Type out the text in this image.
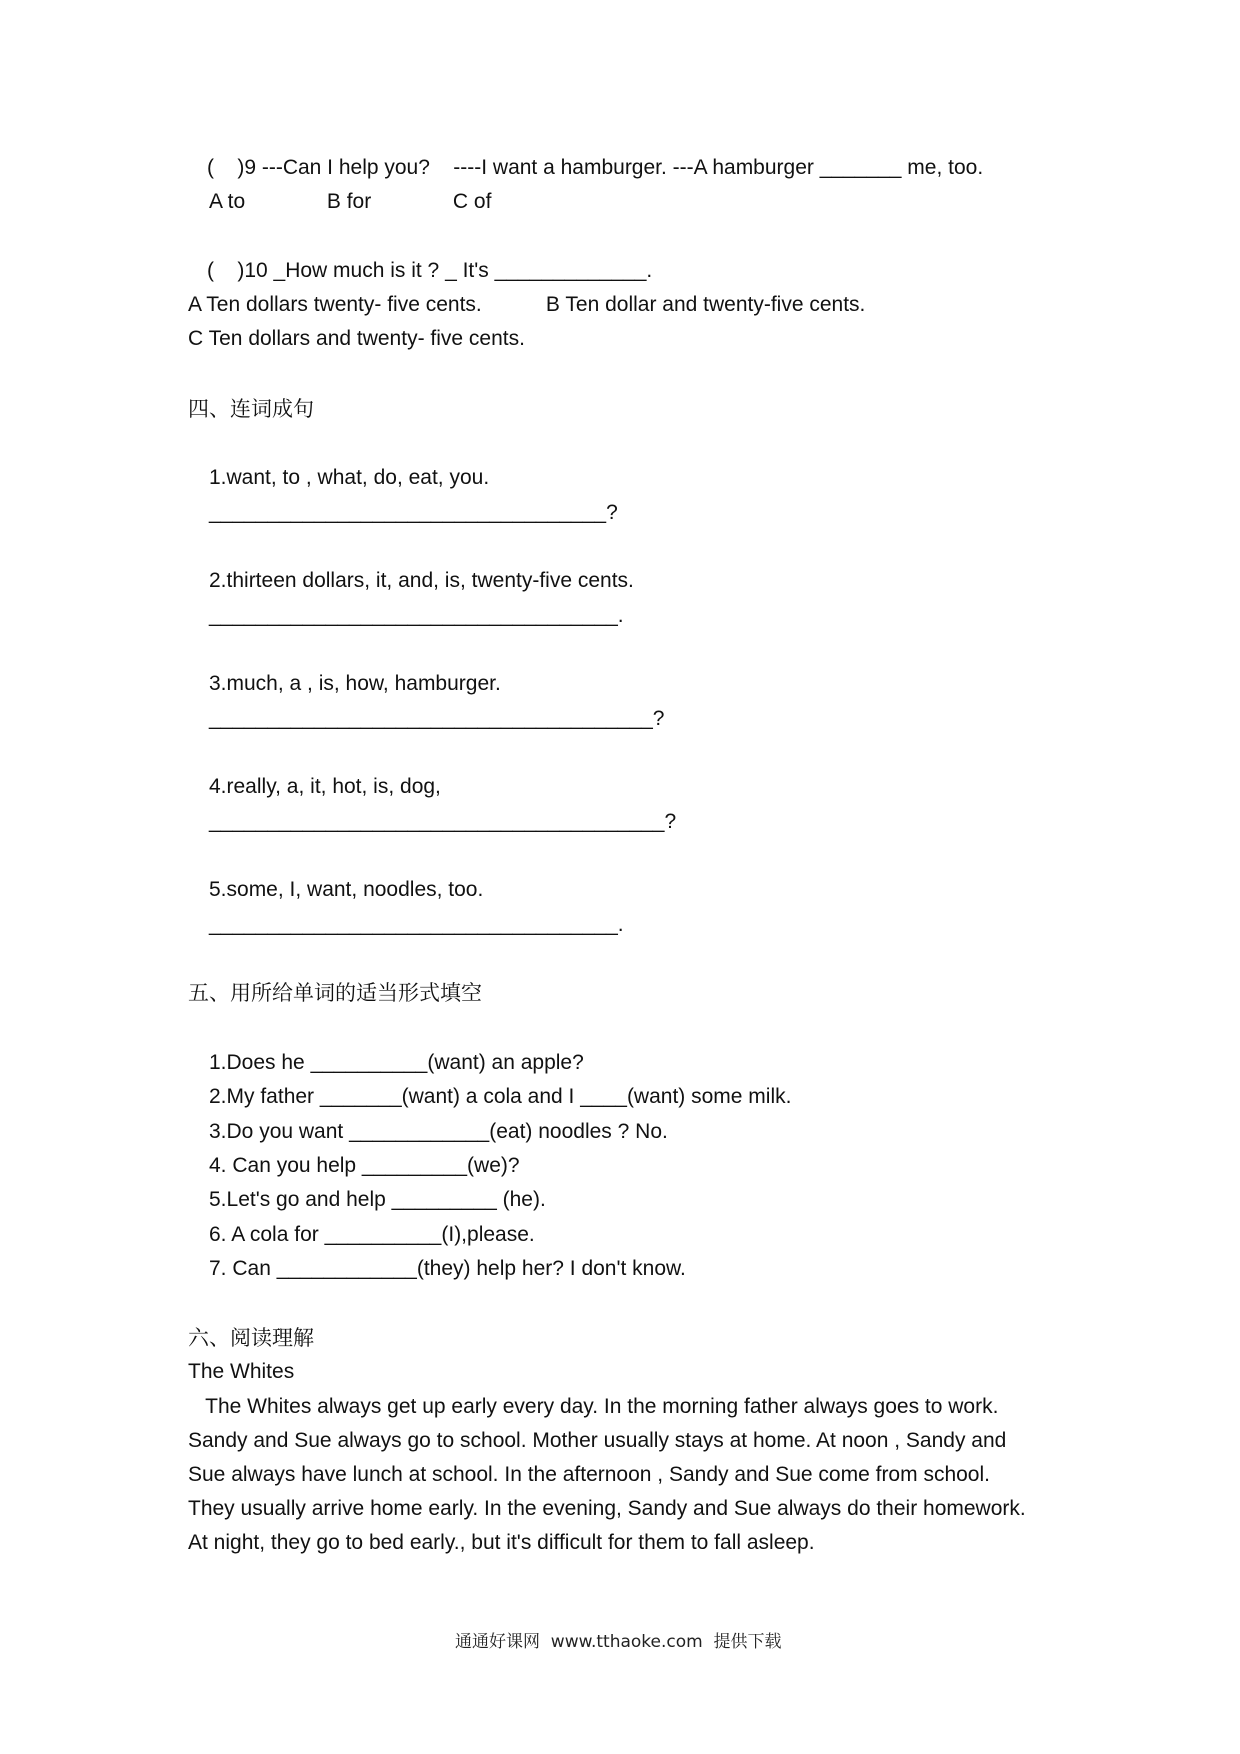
(    )9 ---Can I help you?    ----I want a hamburger. ---A hamburger _______ me, too.

A to              B for              C of

(    )10 _How much is it ? _ It's _____________.

A Ten dollars twenty- five cents.           B Ten dollar and twenty-five cents.

C Ten dollars and twenty- five cents.

四、连词成句

1.want, to , what, do, eat, you.

__________________________________?

2.thirteen dollars, it, and, is, twenty-five cents.

___________________________________.

3.much, a , is, how, hamburger.

______________________________________?

4.really, a, it, hot, is, dog,

_______________________________________?

5.some, I, want, noodles, too.

___________________________________.

五、用所给单词的适当形式填空

1.Does he __________(want) an apple?

2.My father _______(want) a cola and I ____(want) some milk.

3.Do you want ____________(eat) noodles ? No.

4. Can you help _________(we)?

5.Let's go and help _________ (he).

6. A cola for __________(I),please.

7. Can ____________(they) help her? I don't know.

六、阅读理解

The Whites

The Whites always get up early every day. In the morning father always goes to work.

Sandy and Sue always go to school. Mother usually stays at home. At noon , Sandy and

Sue always have lunch at school. In the afternoon , Sandy and Sue come from school.

They usually arrive home early. In the evening, Sandy and Sue always do their homework.

At night, they go to bed early., but it's difficult for them to fall asleep.

通通好课网  www.tthaoke.com  提供下载
